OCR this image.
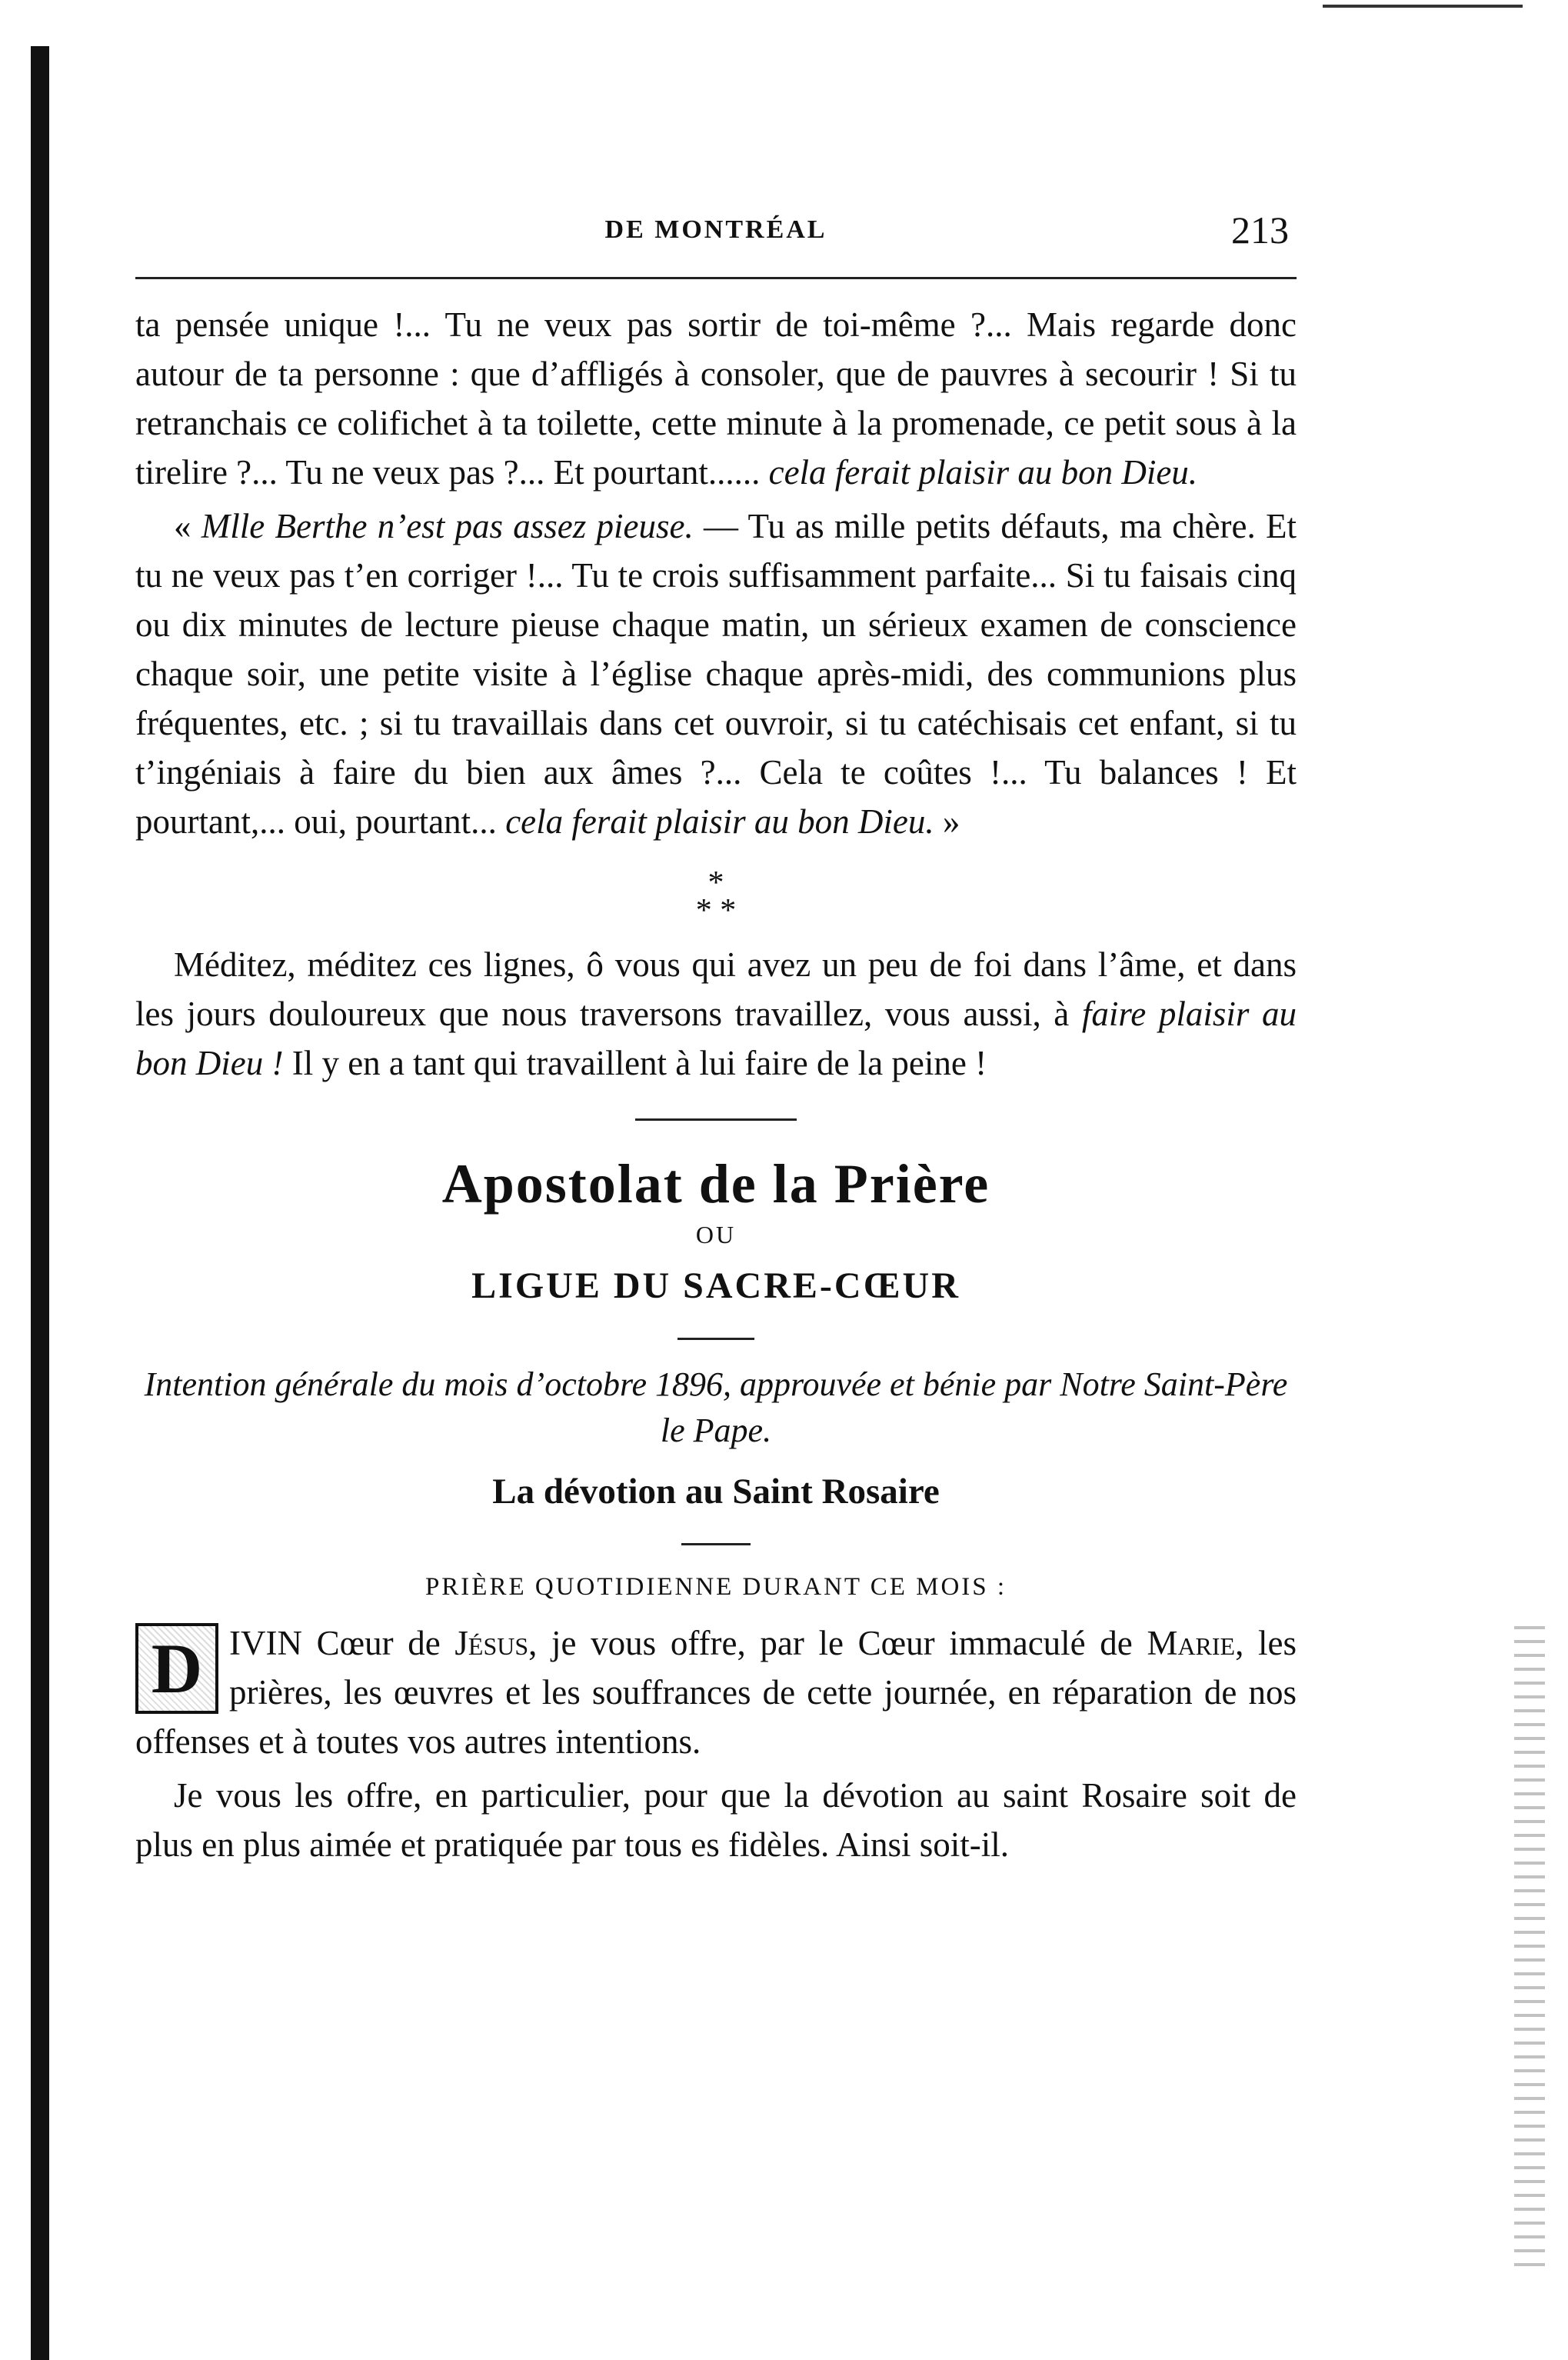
DE MONTRÉAL	213

ta pensée unique !... Tu ne veux pas sortir de toi-même ?... Mais regarde donc autour de ta personne : que d’affligés à consoler, que de pauvres à secourir ! Si tu retranchais ce colifichet à ta toilette, cette minute à la promenade, ce petit sous à la tirelire ?... Tu ne veux pas ?... Et pourtant...... cela ferait plaisir au bon Dieu.

« Mlle Berthe n’est pas assez pieuse. — Tu as mille petits défauts, ma chère. Et tu ne veux pas t’en corriger !... Tu te crois suffisamment parfaite... Si tu faisais cinq ou dix minutes de lecture pieuse chaque matin, un sérieux examen de conscience chaque soir, une petite visite à l’église chaque après-midi, des communions plus fréquentes, etc. ; si tu travaillais dans cet ouvroir, si tu catéchisais cet enfant, si tu t’ingéniais à faire du bien aux âmes ?... Cela te coûtes !... Tu balances ! Et pourtant,... oui, pourtant... cela ferait plaisir au bon Dieu. »

*
* *

Méditez, méditez ces lignes, ô vous qui avez un peu de foi dans l’âme, et dans les jours douloureux que nous traversons travaillez, vous aussi, à faire plaisir au bon Dieu ! Il y en a tant qui travaillent à lui faire de la peine !

Apostolat de la Prière
OU
LIGUE DU SACRE-CŒUR
Intention générale du mois d’octobre 1896, approuvée et bénie par Notre Saint-Père le Pape.
La dévotion au Saint Rosaire
PRIÈRE QUOTIDIENNE DURANT CE MOIS :

D IVIN Cœur de Jésus, je vous offre, par le Cœur immaculé de Marie, les prières, les œuvres et les souffrances de cette journée, en réparation de nos offenses et à toutes vos autres intentions.

Je vous les offre, en particulier, pour que la dévotion au saint Rosaire soit de plus en plus aimée et pratiquée par tous es fidèles. Ainsi soit-il.
